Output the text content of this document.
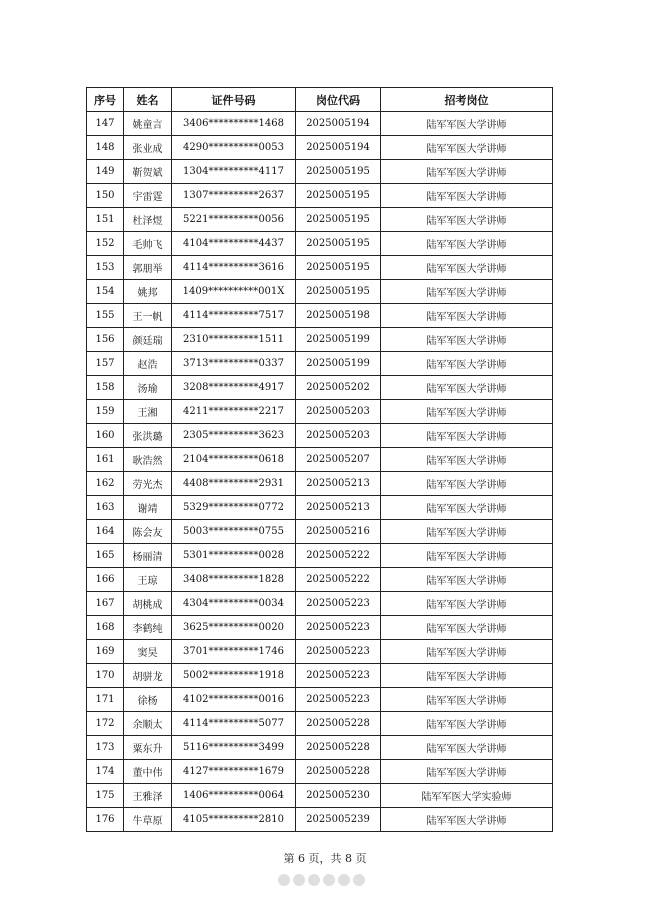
序号	姓名	证件号码	岗位代码	招考岗位
147	姚童言	3406**********1468	2025005194	陆军军医大学讲师
148	张业成	4290**********0053	2025005194	陆军军医大学讲师
149	靳贺斌	1304**********4117	2025005195	陆军军医大学讲师
150	宇雷霆	1307**********2637	2025005195	陆军军医大学讲师
151	杜泽煜	5221**********0056	2025005195	陆军军医大学讲师
152	毛帅飞	4104**********4437	2025005195	陆军军医大学讲师
153	郭朋举	4114**********3616	2025005195	陆军军医大学讲师
154	姚邦	1409**********001X	2025005195	陆军军医大学讲师
155	王一帆	4114**********7517	2025005198	陆军军医大学讲师
156	颜廷瑞	2310**********1511	2025005199	陆军军医大学讲师
157	赵浩	3713**********0337	2025005199	陆军军医大学讲师
158	汤瑜	3208**********4917	2025005202	陆军军医大学讲师
159	王湘	4211**********2217	2025005203	陆军军医大学讲师
160	张洪璐	2305**********3623	2025005203	陆军军医大学讲师
161	耿浩然	2104**********0618	2025005207	陆军军医大学讲师
162	劳光杰	4408**********2931	2025005213	陆军军医大学讲师
163	谢靖	5329**********0772	2025005213	陆军军医大学讲师
164	陈会友	5003**********0755	2025005216	陆军军医大学讲师
165	杨丽清	5301**********0028	2025005222	陆军军医大学讲师
166	王琼	3408**********1828	2025005222	陆军军医大学讲师
167	胡桃成	4304**********0034	2025005223	陆军军医大学讲师
168	李鹤纯	3625**********0020	2025005223	陆军军医大学讲师
169	窦昊	3701**********1746	2025005223	陆军军医大学讲师
170	胡骈龙	5002**********1918	2025005223	陆军军医大学讲师
171	徐杨	4102**********0016	2025005223	陆军军医大学讲师
172	余顺太	4114**********5077	2025005228	陆军军医大学讲师
173	粟东升	5116**********3499	2025005228	陆军军医大学讲师
174	董中伟	4127**********1679	2025005228	陆军军医大学讲师
175	王雅泽	1406**********0064	2025005230	陆军军医大学实验师
176	牛草原	4105**********2810	2025005239	陆军军医大学讲师
第 6 页，共 8 页
